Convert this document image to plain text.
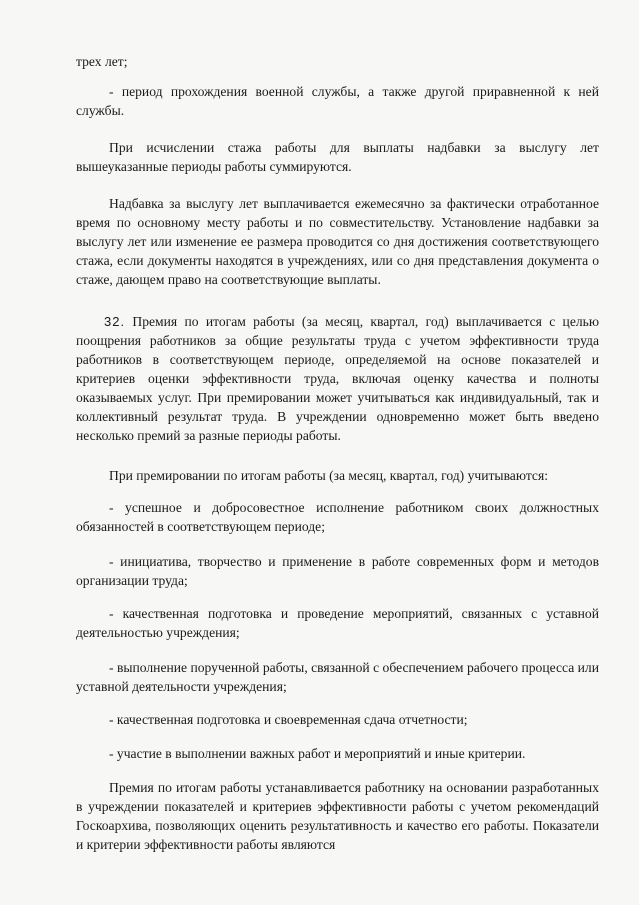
трех лет;

- период прохождения военной службы, а также другой приравненной к ней службы.

При исчислении стажа работы для выплаты надбавки за выслугу лет вышеуказанные периоды работы суммируются.

Надбавка за выслугу лет выплачивается ежемесячно за фактически отработанное время по основному месту работы и по совместительству. Установление надбавки за выслугу лет или изменение ее размера проводится со дня достижения соответствующего стажа, если документы находятся в учреждениях, или со дня представления документа о стаже, дающем право на соответствующие выплаты.

32. Премия по итогам работы (за месяц, квартал, год) выплачивается с целью поощрения работников за общие результаты труда с учетом эффективности труда работников в соответствующем периоде, определяемой на основе показателей и критериев оценки эффективности труда, включая оценку качества и полноты оказываемых услуг. При премировании может учитываться как индивидуальный, так и коллективный результат труда. В учреждении одновременно может быть введено несколько премий за разные периоды работы.

При премировании по итогам работы (за месяц, квартал, год) учитываются:

- успешное и добросовестное исполнение работником своих должностных обязанностей в соответствующем периоде;

- инициатива, творчество и применение в работе современных форм и методов организации труда;

- качественная подготовка и проведение мероприятий, связанных с уставной деятельностью учреждения;

- выполнение порученной работы, связанной с обеспечением рабочего процесса или уставной деятельности учреждения;

- качественная подготовка и своевременная сдача отчетности;

- участие в выполнении важных работ и мероприятий и иные критерии.

Премия по итогам работы устанавливается работнику на основании разработанных в учреждении показателей и критериев эффективности работы с учетом рекомендаций Госкоархива, позволяющих оценить результативность и качество его работы. Показатели и критерии эффективности работы являются
